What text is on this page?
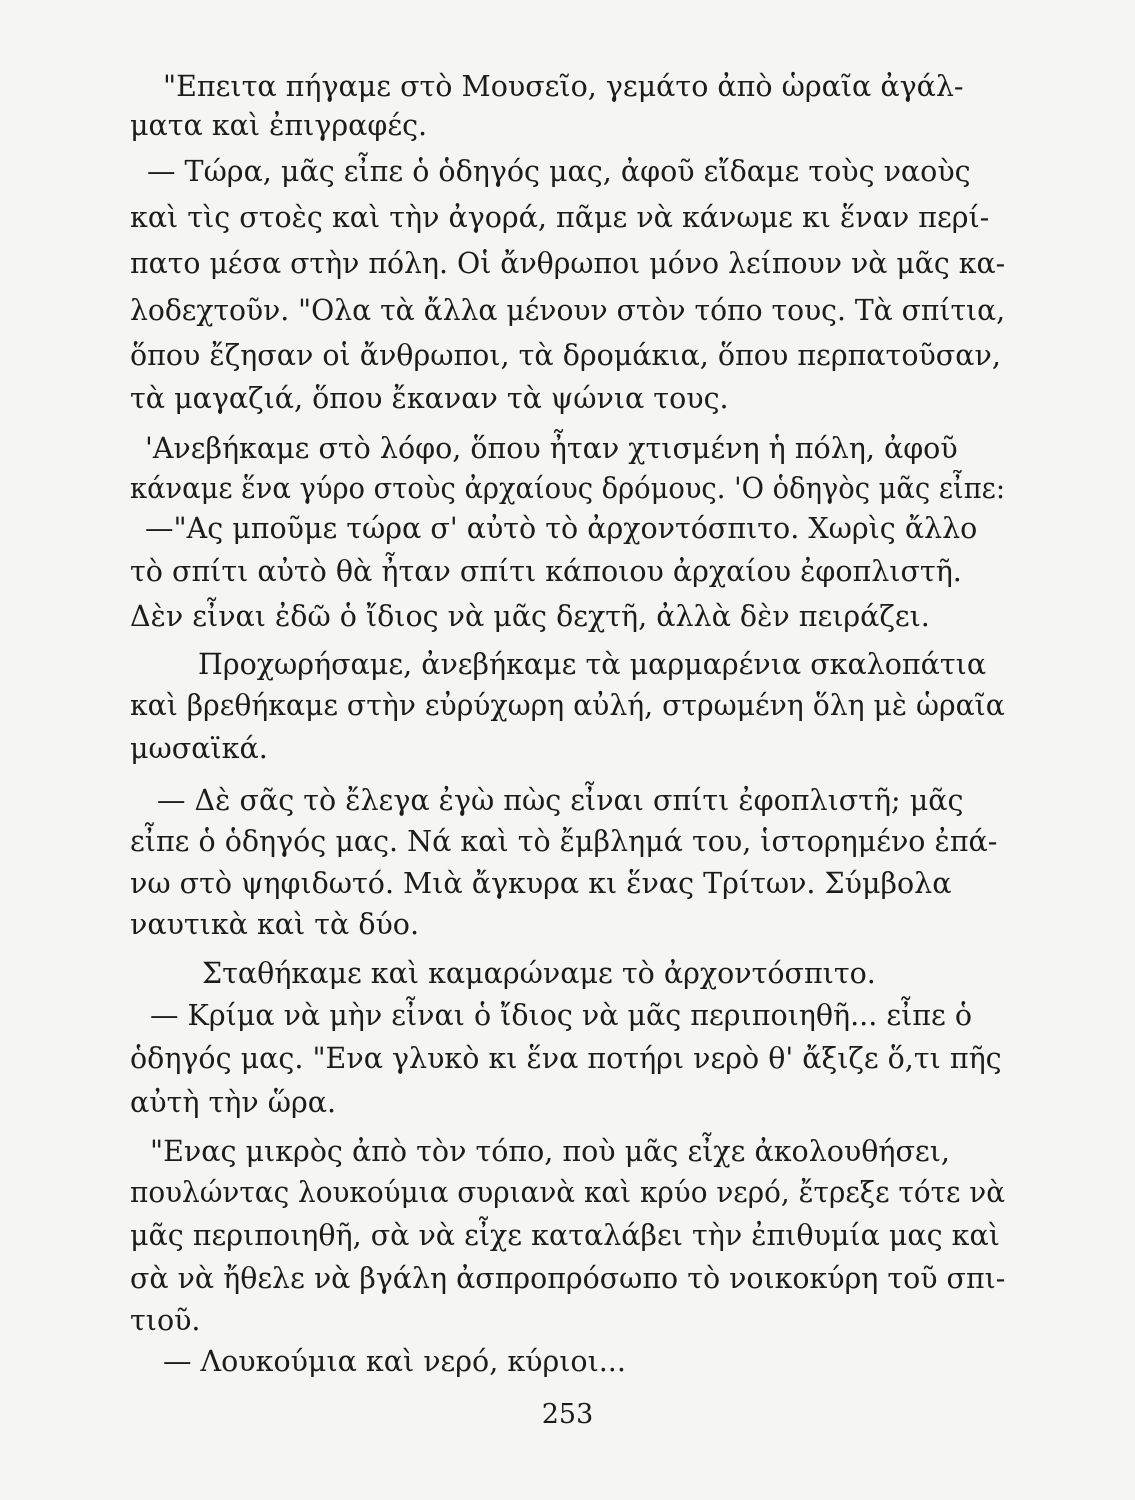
"Επειτα πήγαμε στὸ Μουσεῖο, γεμάτο ἀπὸ ὡραῖα ἀγάλ-
ματα καὶ ἐπιγραφές.
— Τώρα, μᾶς εἶπε ὁ ὁδηγός μας, ἀφοῦ εἴδαμε τοὺς ναοὺς
καὶ τὶς στοὲς καὶ τὴν ἀγορά, πᾶμε νὰ κάνωμε κι ἕναν περί-
πατο μέσα στὴν πόλη. Οἱ ἄνθρωποι μόνο λείπουν νὰ μᾶς κα-
λοδεχτοῦν. "Ολα τὰ ἄλλα μένουν στὸν τόπο τους. Τὰ σπίτια,
ὅπου ἔζησαν οἱ ἄνθρωποι, τὰ δρομάκια, ὅπου περπατοῦσαν,
τὰ μαγαζιά, ὅπου ἔκαναν τὰ ψώνια τους.
'Ανεβήκαμε στὸ λόφο, ὅπου ἦταν χτισμένη ἡ πόλη, ἀφοῦ
κάναμε ἕνα γύρο στοὺς ἀρχαίους δρόμους. 'Ο ὁδηγὸς μᾶς εἶπε:
—"Ας μποῦμε τώρα σ' αὐτὸ τὸ ἀρχοντόσπιτο. Χωρὶς ἄλλο
τὸ σπίτι αὐτὸ θὰ ἦταν σπίτι κάποιου ἀρχαίου ἐφοπλιστῆ.
Δὲν εἶναι ἐδῶ ὁ ἴδιος νὰ μᾶς δεχτῆ, ἀλλὰ δὲν πειράζει.
Προχωρήσαμε, ἀνεβήκαμε τὰ μαρμαρένια σκαλοπάτια
καὶ βρεθήκαμε στὴν εὐρύχωρη αὐλή, στρωμένη ὅλη μὲ ὡραῖα
μωσαϊκά.
— Δὲ σᾶς τὸ ἔλεγα ἐγὼ πὼς εἶναι σπίτι ἐφοπλιστῆ; μᾶς
εἶπε ὁ ὁδηγός μας. Νά καὶ τὸ ἔμβλημά του, ἱστορημένο ἐπά-
νω στὸ ψηφιδωτό. Μιὰ ἄγκυρα κι ἕνας Τρίτων. Σύμβολα
ναυτικὰ καὶ τὰ δύο.
Σταθήκαμε καὶ καμαρώναμε τὸ ἀρχοντόσπιτο.
— Κρίμα νὰ μὴν εἶναι ὁ ἴδιος νὰ μᾶς περιποιηθῆ... εἶπε ὁ
ὁδηγός μας. "Ενα γλυκὸ κι ἕνα ποτήρι νερὸ θ' ἄξιζε ὅ,τι πῆς
αὐτὴ τὴν ὥρα.
"Ενας μικρὸς ἀπὸ τὸν τόπο, ποὺ μᾶς εἶχε ἀκολουθήσει,
πουλώντας λουκούμια συριανὰ καὶ κρύο νερό, ἔτρεξε τότε νὰ
μᾶς περιποιηθῆ, σὰ νὰ εἶχε καταλάβει τὴν ἐπιθυμία μας καὶ
σὰ νὰ ἤθελε νὰ βγάλη ἀσπροπρόσωπο τὸ νοικοκύρη τοῦ σπι-
τιοῦ.
— Λουκούμια καὶ νερό, κύριοι...
253
